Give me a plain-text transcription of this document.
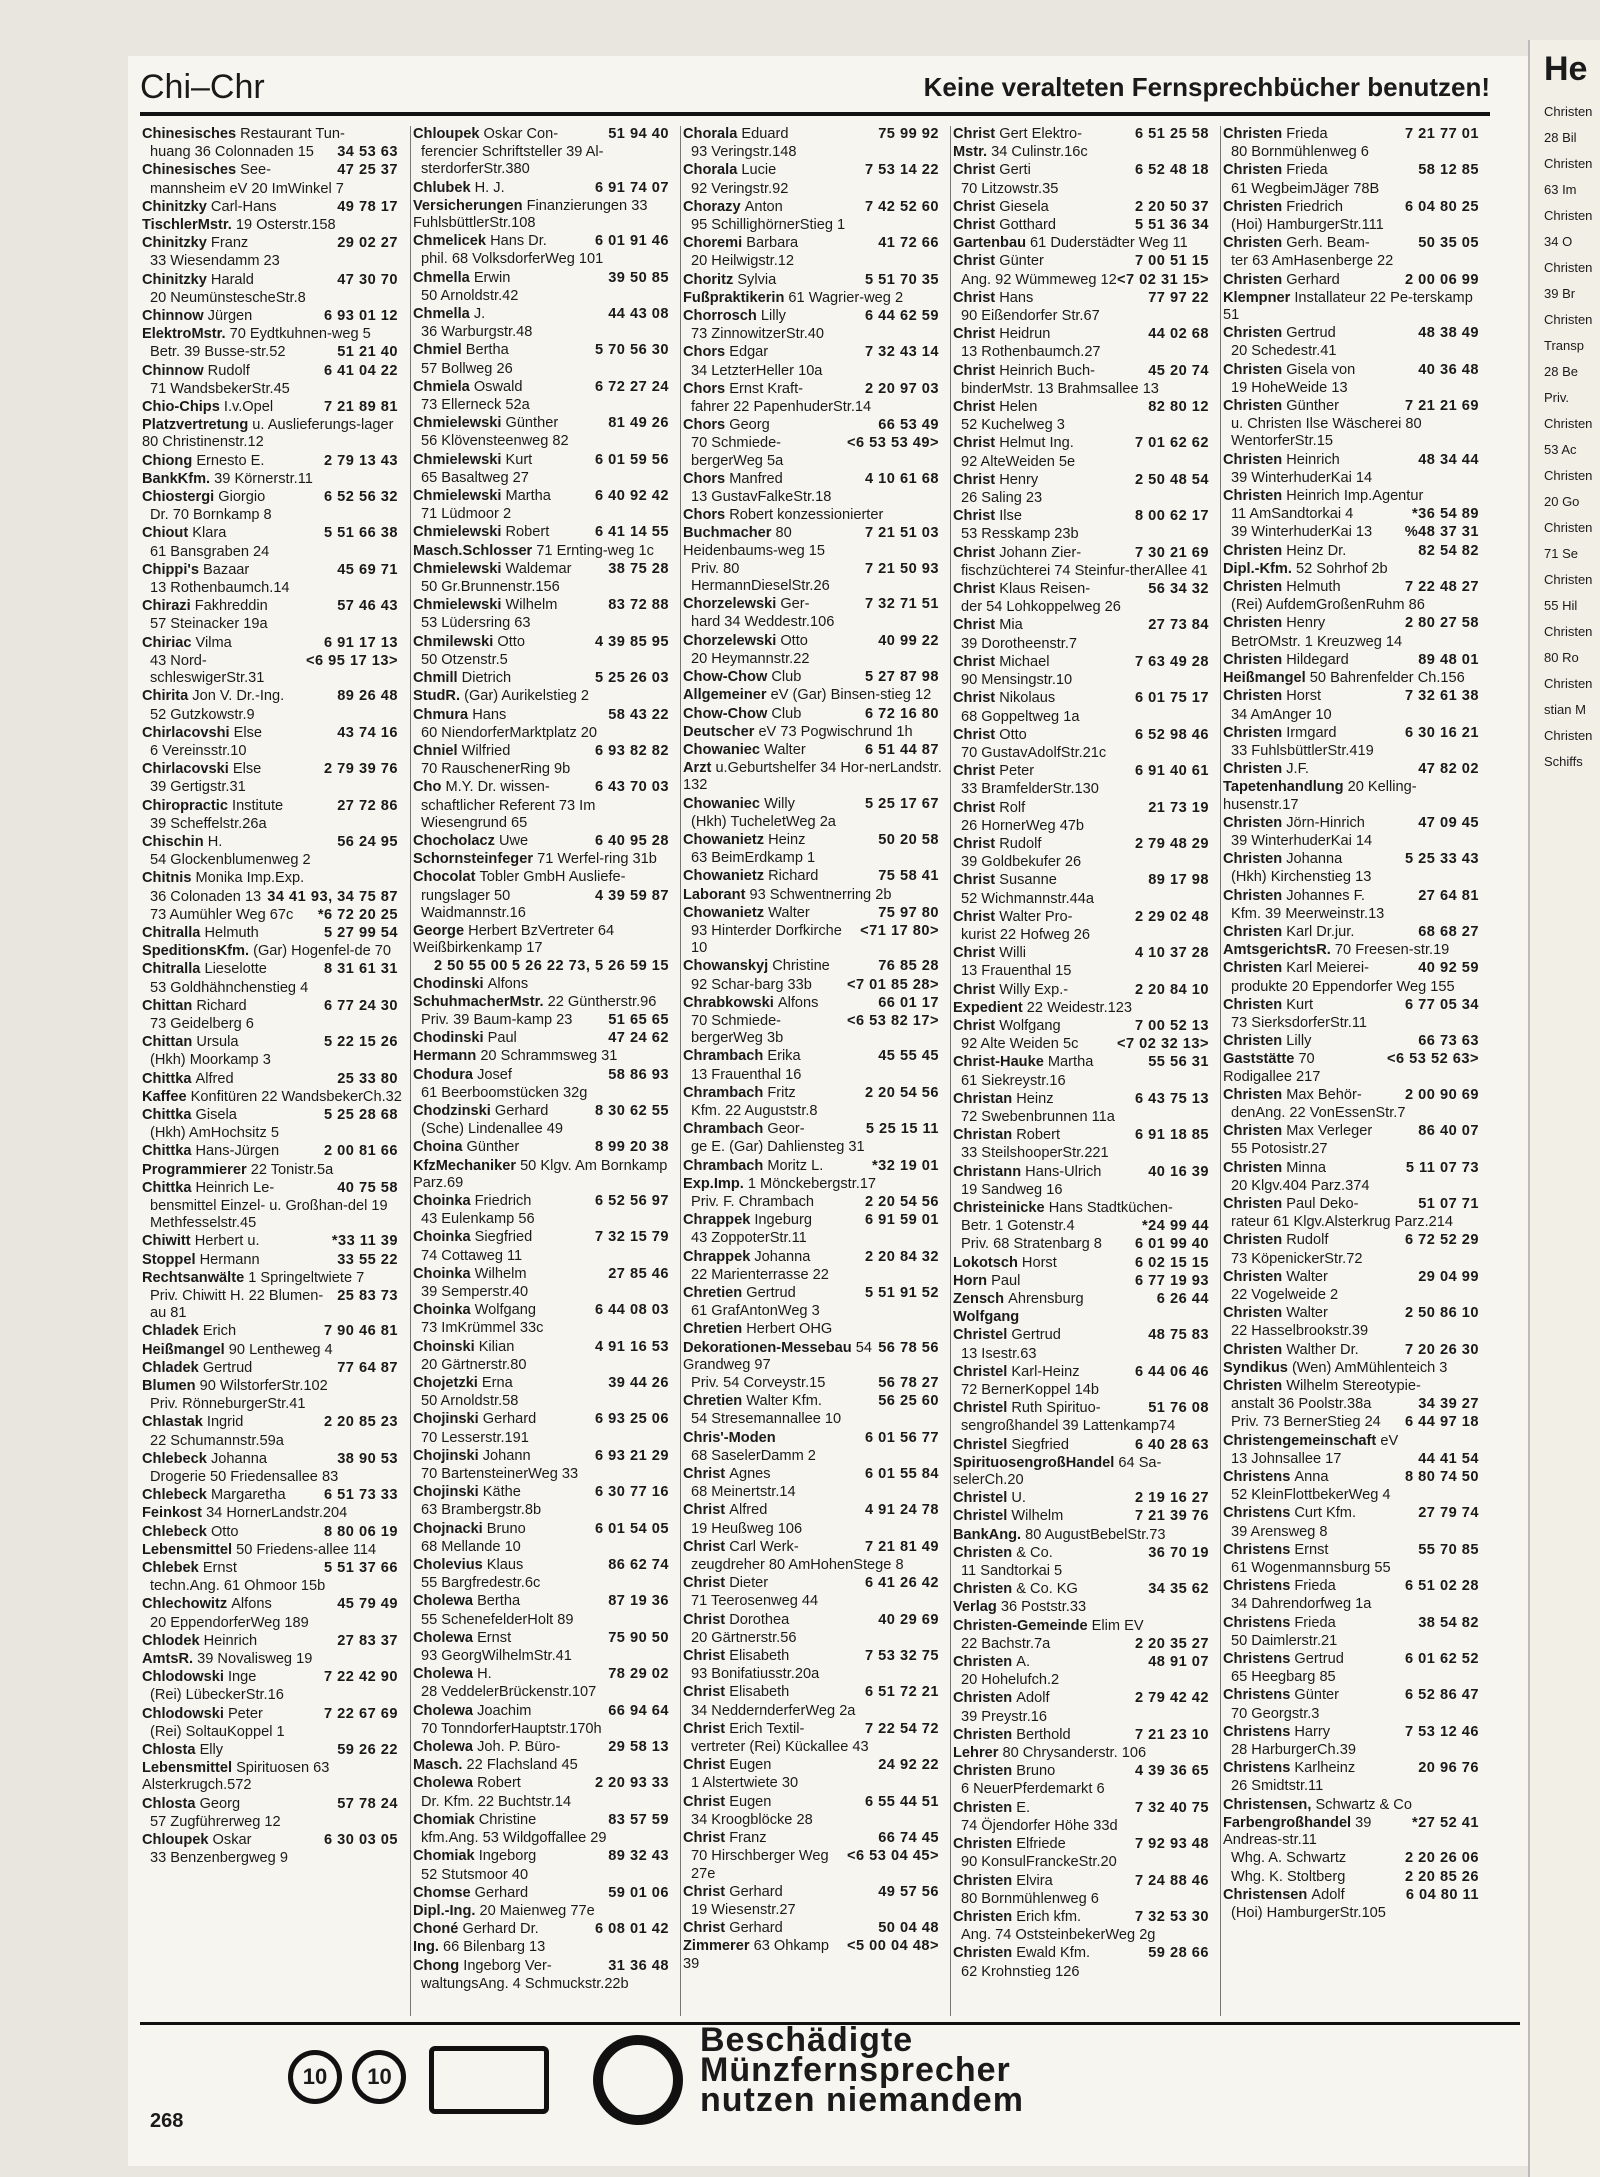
He
Christen
28 Bil
Christen
63 Im
Christen
34 O
Christen
39 Br
Christen
Transp
28 Be
Priv.
Christen
53 Ac
Christen
20 Go
Christen
71 Se
Christen
55 Hil
Christen
80 Ro
Christen
stian M
Christen
Schiffs
Chi–Chr	Keine veralteten Fernsprechbücher benutzen!
Chinesisches Restaurant Tun-
34 53 63
huang 36 Colonnaden 15
47 25 37
Chinesisches See-
mannsheim eV 20 ImWinkel 7
49 78 17
Chinitzky Carl-Hans
TischlerMstr. 19 Osterstr.158
29 02 27
Chinitzky Franz
33 Wiesendamm 23
47 30 70
Chinitzky Harald
20 NeumünstescheStr.8
6 93 01 12
Chinnow Jürgen
ElektroMstr. 70 Eydtkuhnen-weg 5
51 21 40
Betr. 39 Busse-str.52
6 41 04 22
Chinnow Rudolf
71 WandsbekerStr.45
7 21 89 81
Chio-Chips I.v.Opel
Platzvertretung u. Auslieferungs-lager 80 Christinenstr.12
2 79 13 43
Chiong Ernesto E.
BankKfm. 39 Körnerstr.11
6 52 56 32
Chiostergi Giorgio
Dr. 70 Bornkamp 8
5 51 66 38
Chiout Klara
61 Bansgraben 24
45 69 71
Chippi's Bazaar
13 Rothenbaumch.14
57 46 43
Chirazi Fakhreddin
57 Steinacker 19a
6 91 17 13
Chiriac Vilma
<6 95 17 13>
43 Nord-schleswigerStr.31
89 26 48
Chirita Jon V. Dr.-Ing.
52 Gutzkowstr.9
43 74 16
Chirlacovshi Else
6 Vereinsstr.10
2 79 39 76
Chirlacovski Else
39 Gertigstr.31
27 72 86
Chiropractic Institute
39 Scheffelstr.26a
56 24 95
Chischin H.
54 Glockenblumenweg 2
Chitnis Monika Imp.Exp.
34 41 93, 34 75 87
36 Colonaden 13
*6 72 20 25
73 Aumühler Weg 67c
5 27 99 54
Chitralla Helmuth
SpeditionsKfm. (Gar) Hogenfel-de 70
8 31 61 31
Chitralla Lieselotte
53 Goldhähnchenstieg 4
6 77 24 30
Chittan Richard
73 Geidelberg 6
5 22 15 26
Chittan Ursula
(Hkh) Moorkamp 3
25 33 80
Chittka Alfred
Kaffee Konfitüren 22 WandsbekerCh.32
5 25 28 68
Chittka Gisela
(Hkh) AmHochsitz 5
2 00 81 66
Chittka Hans-Jürgen
Programmierer 22 Tonistr.5a
40 75 58
Chittka Heinrich Le-
bensmittel Einzel- u. Großhan-del 19 Methfesselstr.45
*33 11 39
Chiwitt Herbert u.
33 55 22
Stoppel Hermann
Rechtsanwälte 1 Springeltwiete 7
25 83 73
Priv. Chiwitt H. 22 Blumen-au 81
7 90 46 81
Chladek Erich
Heißmangel 90 Lentheweg 4
77 64 87
Chladek Gertrud
Blumen 90 WilstorferStr.102
Priv. RönneburgerStr.41
2 20 85 23
Chlastak Ingrid
22 Schumannstr.59a
38 90 53
Chlebeck Johanna
Drogerie 50 Friedensallee 83
6 51 73 33
Chlebeck Margaretha
Feinkost 34 HornerLandstr.204
8 80 06 19
Chlebeck Otto
Lebensmittel 50 Friedens-allee 114
5 51 37 66
Chlebek Ernst
techn.Ang. 61 Ohmoor 15b
45 79 49
Chlechowitz Alfons
20 EppendorferWeg 189
27 83 37
Chlodek Heinrich
AmtsR. 39 Novalisweg 19
7 22 42 90
Chlodowski Inge
(Rei) LübeckerStr.16
7 22 67 69
Chlodowski Peter
(Rei) SoltauKoppel 1
59 26 22
Chlosta Elly
Lebensmittel Spirituosen 63 Alsterkrugch.572
57 78 24
Chlosta Georg
57 Zugführerweg 12
6 30 03 05
Chloupek Oskar
33 Benzenbergweg 9
51 94 40
Chloupek Oskar Con-
ferencier Schriftsteller 39 Al-sterdorferStr.380
6 91 74 07
Chlubek H. J.
Versicherungen Finanzierungen 33 FuhlsbüttlerStr.108
6 01 91 46
Chmelicek Hans Dr.
phil. 68 VolksdorferWeg 101
39 50 85
Chmella Erwin
50 Arnoldstr.42
44 43 08
Chmella J.
36 Warburgstr.48
5 70 56 30
Chmiel Bertha
57 Bollweg 26
6 72 27 24
Chmiela Oswald
73 Ellerneck 52a
81 49 26
Chmielewski Günther
56 Klövensteenweg 82
6 01 59 56
Chmielewski Kurt
65 Basaltweg 27
6 40 92 42
Chmielewski Martha
71 Lüdmoor 2
6 41 14 55
Chmielewski Robert
Masch.Schlosser 71 Ernting-weg 1c
38 75 28
Chmielewski Waldemar
50 Gr.Brunnenstr.156
83 72 88
Chmielewski Wilhelm
53 Lüdersring 63
4 39 85 95
Chmilewski Otto
50 Otzenstr.5
5 25 26 03
Chmill Dietrich
StudR. (Gar) Aurikelstieg 2
58 43 22
Chmura Hans
60 NiendorferMarktplatz 20
6 93 82 82
Chniel Wilfried
70 RauschenerRing 9b
6 43 70 03
Cho M.Y. Dr. wissen-
schaftlicher Referent 73 Im Wiesengrund 65
6 40 95 28
Chocholacz Uwe
Schornsteinfeger 71 Werfel-ring 31b
Chocolat Tobler GmbH Ausliefe-
4 39 59 87
rungslager 50 Waidmannstr.16
George Herbert BzVertreter 64 Weißbirkenkamp 17
5 26 22 73, 5 26 59 15
2 50 55 00
Chodinski Alfons
SchuhmacherMstr. 22 Güntherstr.96
51 65 65
Priv. 39 Baum-kamp 23
47 24 62
Chodinski Paul
Hermann 20 Schrammsweg 31
58 86 93
Chodura Josef
61 Beerboomstücken 32g
8 30 62 55
Chodzinski Gerhard
(Sche) Lindenallee 49
8 99 20 38
Choina Günther
KfzMechaniker 50 Klgv. Am Bornkamp Parz.69
6 52 56 97
Choinka Friedrich
43 Eulenkamp 56
7 32 15 79
Choinka Siegfried
74 Cottaweg 11
27 85 46
Choinka Wilhelm
39 Semperstr.40
6 44 08 03
Choinka Wolfgang
73 ImKrümmel 33c
4 91 16 53
Choinski Kilian
20 Gärtnerstr.80
39 44 26
Chojetzki Erna
50 Arnoldstr.58
6 93 25 06
Chojinski Gerhard
70 Lesserstr.191
6 93 21 29
Chojinski Johann
70 BartensteinerWeg 33
6 30 77 16
Chojinski Käthe
63 Brambergstr.8b
6 01 54 05
Chojnacki Bruno
68 Mellande 10
86 62 74
Cholevius Klaus
55 Bargfredestr.6c
87 19 36
Cholewa Bertha
55 SchenefelderHolt 89
75 90 50
Cholewa Ernst
93 GeorgWilhelmStr.41
78 29 02
Cholewa H.
28 VeddelerBrückenstr.107
66 94 64
Cholewa Joachim
70 TonndorferHauptstr.170h
29 58 13
Cholewa Joh. P. Büro-
Masch. 22 Flachsland 45
2 20 93 33
Cholewa Robert
Dr. Kfm. 22 Buchtstr.14
83 57 59
Chomiak Christine
kfm.Ang. 53 Wildgoffallee 29
89 32 43
Chomiak Ingeborg
52 Stutsmoor 40
59 01 06
Chomse Gerhard
Dipl.-Ing. 20 Maienweg 77e
6 08 01 42
Choné Gerhard Dr.
Ing. 66 Bilenbarg 13
31 36 48
Chong Ingeborg Ver-
waltungsAng. 4 Schmuckstr.22b
75 99 92
Chorala Eduard
93 Veringstr.148
7 53 14 22
Chorala Lucie
92 Veringstr.92
7 42 52 60
Chorazy Anton
95 SchillighörnerStieg 1
41 72 66
Choremi Barbara
20 Heilwigstr.12
5 51 70 35
Choritz Sylvia
Fußpraktikerin 61 Wagrier-weg 2
6 44 62 59
Chorrosch Lilly
73 ZinnowitzerStr.40
7 32 43 14
Chors Edgar
34 LetzterHeller 10a
2 20 97 03
Chors Ernst Kraft-
fahrer 22 PapenhuderStr.14
66 53 49
Chors Georg
<6 53 53 49>
70 Schmiede-bergerWeg 5a
4 10 61 68
Chors Manfred
13 GustavFalkeStr.18
Chors Robert konzessionierter
7 21 51 03
Buchmacher 80 Heidenbaums-weg 15
7 21 50 93
Priv. 80 HermannDieselStr.26
7 32 71 51
Chorzelewski Ger-
hard 34 Weddestr.106
40 99 22
Chorzelewski Otto
20 Heymannstr.22
5 27 87 98
Chow-Chow Club
Allgemeiner eV (Gar) Binsen-stieg 12
6 72 16 80
Chow-Chow Club
Deutscher eV 73 Pogwischrund 1h
6 51 44 87
Chowaniec Walter
Arzt u.Geburtshelfer 34 Hor-nerLandstr. 132
5 25 17 67
Chowaniec Willy
(Hkh) TucheletWeg 2a
50 20 58
Chowanietz Heinz
63 BeimErdkamp 1
75 58 41
Chowanietz Richard
Laborant 93 Schwentnerring 2b
75 97 80
Chowanietz Walter
<71 17 80>
93 Hinterder Dorfkirche 10
76 85 28
Chowanskyj Christine
<7 01 85 28>
92 Schar-barg 33b
66 01 17
Chrabkowski Alfons
<6 53 82 17>
70 Schmiede-bergerWeg 3b
45 55 45
Chrambach Erika
13 Frauenthal 16
2 20 54 56
Chrambach Fritz
Kfm. 22 Auguststr.8
5 25 15 11
Chrambach Geor-
ge E. (Gar) Dahliensteg 31
*32 19 01
Chrambach Moritz L.
Exp.Imp. 1 Mönckebergstr.17
2 20 54 56
Priv. F. Chrambach
6 91 59 01
Chrappek Ingeburg
43 ZoppoterStr.11
2 20 84 32
Chrappek Johanna
22 Marienterrasse 22
5 51 91 52
Chretien Gertrud
61 GrafAntonWeg 3
Chretien Herbert OHG
56 78 56
Dekorationen-Messebau 54 Grandweg 97
56 78 27
Priv. 54 Corveystr.15
56 25 60
Chretien Walter Kfm.
54 Stresemannallee 10
6 01 56 77
Chris'-Moden
68 SaselerDamm 2
6 01 55 84
Christ Agnes
68 Meinertstr.14
4 91 24 78
Christ Alfred
19 Heußweg 106
7 21 81 49
Christ Carl Werk-
zeugdreher 80 AmHohenStege 8
6 41 26 42
Christ Dieter
71 Teerosenweg 44
40 29 69
Christ Dorothea
20 Gärtnerstr.56
7 53 32 75
Christ Elisabeth
93 Bonifatiusstr.20a
6 51 72 21
Christ Elisabeth
34 NeddernderferWeg 2a
7 22 54 72
Christ Erich Textil-
vertreter (Rei) Kückallee 43
24 92 22
Christ Eugen
1 Alstertwiete 30
6 55 44 51
Christ Eugen
34 Kroogblöcke 28
66 74 45
Christ Franz
<6 53 04 45>
70 Hirschberger Weg 27e
49 57 56
Christ Gerhard
19 Wiesenstr.27
50 04 48
Christ Gerhard
<5 00 04 48>
Zimmerer 63 Ohkamp 39
6 51 25 58
Christ Gert Elektro-
Mstr. 34 Culinstr.16c
6 52 48 18
Christ Gerti
70 Litzowstr.35
2 20 50 37
Christ Giesela
5 51 36 34
Christ Gotthard
Gartenbau 61 Duderstädter Weg 11
7 00 51 15
Christ Günter
<7 02 31 15>
Ang. 92 Wümmeweg 12
77 97 22
Christ Hans
90 Eißendorfer Str.67
44 02 68
Christ Heidrun
13 Rothenbaumch.27
45 20 74
Christ Heinrich Buch-
binderMstr. 13 Brahmsallee 13
82 80 12
Christ Helen
52 Kuchelweg 3
7 01 62 62
Christ Helmut Ing.
92 AlteWeiden 5e
2 50 48 54
Christ Henry
26 Saling 23
8 00 62 17
Christ Ilse
53 Resskamp 23b
7 30 21 69
Christ Johann Zier-
fischzüchterei 74 Steinfur-therAllee 41
56 34 32
Christ Klaus Reisen-
der 54 Lohkoppelweg 26
27 73 84
Christ Mia
39 Dorotheenstr.7
7 63 49 28
Christ Michael
90 Mensingstr.10
6 01 75 17
Christ Nikolaus
68 Goppeltweg 1a
6 52 98 46
Christ Otto
70 GustavAdolfStr.21c
6 91 40 61
Christ Peter
33 BramfelderStr.130
21 73 19
Christ Rolf
26 HornerWeg 47b
2 79 48 29
Christ Rudolf
39 Goldbekufer 26
89 17 98
Christ Susanne
52 Wichmannstr.44a
2 29 02 48
Christ Walter Pro-
kurist 22 Hofweg 26
4 10 37 28
Christ Willi
13 Frauenthal 15
2 20 84 10
Christ Willy Exp.-
Expedient 22 Weidestr.123
7 00 52 13
Christ Wolfgang
<7 02 32 13>
92 Alte Weiden 5c
55 56 31
Christ-Hauke Martha
61 Siekreystr.16
6 43 75 13
Christan Heinz
72 Swebenbrunnen 11a
6 91 18 85
Christan Robert
33 SteilshooperStr.221
40 16 39
Christann Hans-Ulrich
19 Sandweg 16
Christeinicke Hans Stadtküchen-
*24 99 44
Betr. 1 Gotenstr.4
6 01 99 40
Priv. 68 Stratenbarg 8
6 02 15 15
Lokotsch Horst
6 77 19 93
Horn Paul
6 26 44
Zensch Ahrensburg
Wolfgang
48 75 83
Christel Gertrud
13 Isestr.63
6 44 06 46
Christel Karl-Heinz
72 BernerKoppel 14b
51 76 08
Christel Ruth Spirituo-
sengroßhandel 39 Lattenkamp74
6 40 28 63
Christel Siegfried
SpirituosengroßHandel 64 Sa-selerCh.20
2 19 16 27
Christel U.
7 21 39 76
Christel Wilhelm
BankAng. 80 AugustBebelStr.73
36 70 19
Christen & Co.
11 Sandtorkai 5
34 35 62
Christen & Co. KG
Verlag 36 Poststr.33
Christen-Gemeinde Elim EV
2 20 35 27
22 Bachstr.7a
48 91 07
Christen A.
20 Hohelufch.2
2 79 42 42
Christen Adolf
39 Preystr.16
7 21 23 10
Christen Berthold
Lehrer 80 Chrysanderstr. 106
4 39 36 65
Christen Bruno
6 NeuerPferdemarkt 6
7 32 40 75
Christen E.
74 Öjendorfer Höhe 33d
7 92 93 48
Christen Elfriede
90 KonsulFranckeStr.20
7 24 88 46
Christen Elvira
80 Bornmühlenweg 6
7 32 53 30
Christen Erich kfm.
Ang. 74 OststeinbekerWeg 2g
59 28 66
Christen Ewald Kfm.
62 Krohnstieg 126
7 21 77 01
Christen Frieda
80 Bornmühlenweg 6
58 12 85
Christen Frieda
61 WegbeimJäger 78B
6 04 80 25
Christen Friedrich
(Hoi) HamburgerStr.111
50 35 05
Christen Gerh. Beam-
ter 63 AmHasenberge 22
2 00 06 99
Christen Gerhard
Klempner Installateur 22 Pe-terskamp 51
48 38 49
Christen Gertrud
20 Schedestr.41
40 36 48
Christen Gisela von
19 HoheWeide 13
7 21 21 69
Christen Günther
u. Christen Ilse Wäscherei 80 WentorferStr.15
48 34 44
Christen Heinrich
39 WinterhuderKai 14
Christen Heinrich Imp.Agentur
*36 54 89
11 AmSandtorkai 4
%48 37 31
39 WinterhuderKai 13
82 54 82
Christen Heinz Dr.
Dipl.-Kfm. 52 Sohrhof 2b
7 22 48 27
Christen Helmuth
(Rei) AufdemGroßenRuhm 86
2 80 27 58
Christen Henry
BetrOMstr. 1 Kreuzweg 14
89 48 01
Christen Hildegard
Heißmangel 50 Bahrenfelder Ch.156
7 32 61 38
Christen Horst
34 AmAnger 10
6 30 16 21
Christen Irmgard
33 FuhlsbüttlerStr.419
47 82 02
Christen J.F.
Tapetenhandlung 20 Kelling-husenstr.17
47 09 45
Christen Jörn-Hinrich
39 WinterhuderKai 14
5 25 33 43
Christen Johanna
(Hkh) Kirchenstieg 13
27 64 81
Christen Johannes F.
Kfm. 39 Meerweinstr.13
68 68 27
Christen Karl Dr.jur.
AmtsgerichtsR. 70 Freesen-str.19
40 92 59
Christen Karl Meierei-
produkte 20 Eppendorfer Weg 155
6 77 05 34
Christen Kurt
73 SierksdorferStr.11
66 73 63
Christen Lilly
<6 53 52 63>
Gaststätte 70 Rodigallee 217
2 00 90 69
Christen Max Behör-
denAng. 22 VonEssenStr.7
86 40 07
Christen Max Verleger
55 Potosistr.27
5 11 07 73
Christen Minna
20 Klgv.404 Parz.374
51 07 71
Christen Paul Deko-
rateur 61 Klgv.Alsterkrug Parz.214
6 72 52 29
Christen Rudolf
73 KöpenickerStr.72
29 04 99
Christen Walter
22 Vogelweide 2
2 50 86 10
Christen Walter
22 Hasselbrookstr.39
7 20 26 30
Christen Walther Dr.
Syndikus (Wen) AmMühlenteich 3
Christen Wilhelm Stereotypie-
34 39 27
anstalt 36 Poolstr.38a
6 44 97 18
Priv. 73 BernerStieg 24
Christengemeinschaft eV
44 41 54
13 Johnsallee 17
8 80 74 50
Christens Anna
52 KleinFlottbekerWeg 4
27 79 74
Christens Curt Kfm.
39 Arensweg 8
55 70 85
Christens Ernst
61 Wogenmannsburg 55
6 51 02 28
Christens Frieda
34 Dahrendorfweg 1a
38 54 82
Christens Frieda
50 Daimlerstr.21
6 01 62 52
Christens Gertrud
65 Heegbarg 85
6 52 86 47
Christens Günter
70 Georgstr.3
7 53 12 46
Christens Harry
28 HarburgerCh.39
20 96 76
Christens Karlheinz
26 Smidtstr.11
Christensen, Schwartz & Co
*27 52 41
Farbengroßhandel 39 Andreas-str.11
2 20 26 06
Whg. A. Schwartz
2 20 85 26
Whg. K. Stoltberg
6 04 80 11
Christensen Adolf
(Hoi) HamburgerStr.105
10 10
Beschädigte
Münzfernsprecher
nutzen niemandem
268
